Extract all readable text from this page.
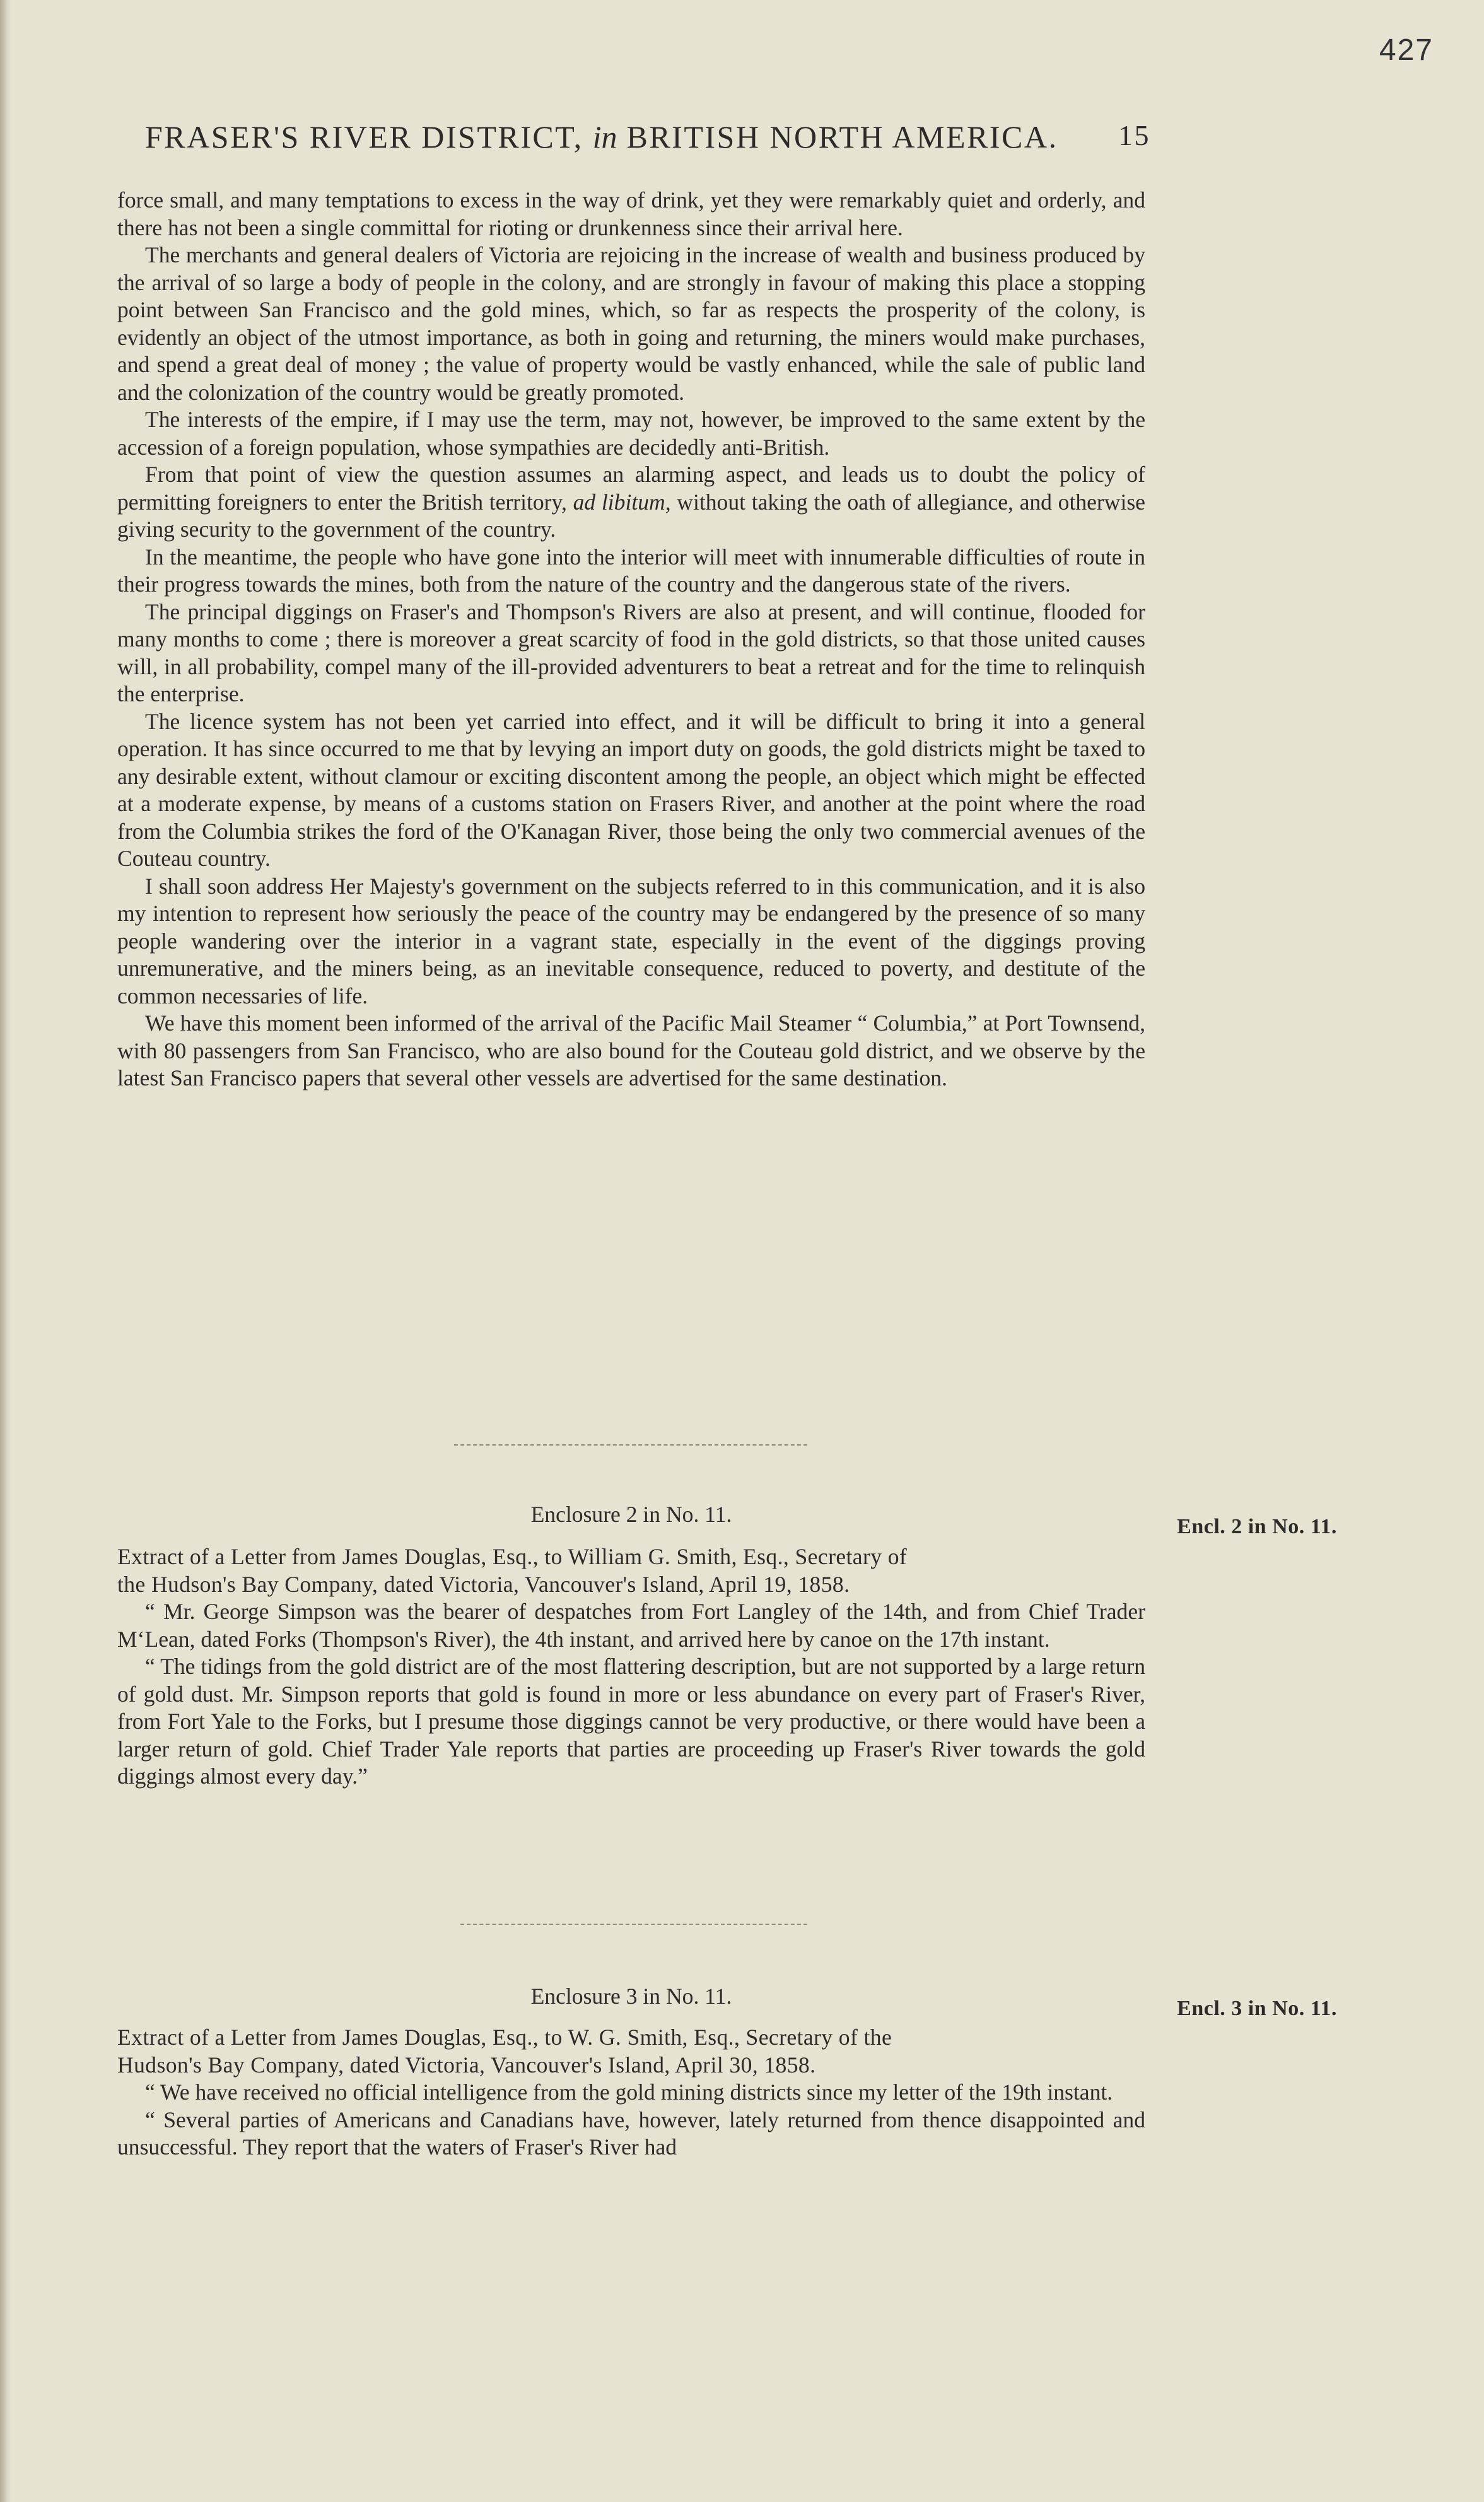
427
FRASER'S RIVER DISTRICT, in BRITISH NORTH AMERICA. 15

force small, and many temptations to excess in the way of drink, yet they were remarkably quiet and orderly, and there has not been a single committal for rioting or drunkenness since their arrival here.

The merchants and general dealers of Victoria are rejoicing in the increase of wealth and business produced by the arrival of so large a body of people in the colony, and are strongly in favour of making this place a stopping point between San Francisco and the gold mines, which, so far as respects the prosperity of the colony, is evidently an object of the utmost importance, as both in going and returning, the miners would make purchases, and spend a great deal of money ; the value of property would be vastly enhanced, while the sale of public land and the colonization of the country would be greatly promoted.

The interests of the empire, if I may use the term, may not, however, be improved to the same extent by the accession of a foreign population, whose sympathies are decidedly anti-British.

From that point of view the question assumes an alarming aspect, and leads us to doubt the policy of permitting foreigners to enter the British territory, ad libitum, without taking the oath of allegiance, and otherwise giving security to the government of the country.

In the meantime, the people who have gone into the interior will meet with innumerable difficulties of route in their progress towards the mines, both from the nature of the country and the dangerous state of the rivers.

The principal diggings on Fraser's and Thompson's Rivers are also at present, and will continue, flooded for many months to come ; there is moreover a great scarcity of food in the gold districts, so that those united causes will, in all probability, compel many of the ill-provided adventurers to beat a retreat and for the time to relinquish the enterprise.

The licence system has not been yet carried into effect, and it will be difficult to bring it into a general operation. It has since occurred to me that by levying an import duty on goods, the gold districts might be taxed to any desirable extent, without clamour or exciting discontent among the people, an object which might be effected at a moderate expense, by means of a customs station on Frasers River, and another at the point where the road from the Columbia strikes the ford of the O'Kanagan River, those being the only two commercial avenues of the Couteau country.

I shall soon address Her Majesty's government on the subjects referred to in this communication, and it is also my intention to represent how seriously the peace of the country may be endangered by the presence of so many people wandering over the interior in a vagrant state, especially in the event of the diggings proving unremunerative, and the miners being, as an inevitable consequence, reduced to poverty, and destitute of the common necessaries of life.

We have this moment been informed of the arrival of the Pacific Mail Steamer “ Columbia,” at Port Townsend, with 80 passengers from San Francisco, who are also bound for the Couteau gold district, and we observe by the latest San Francisco papers that several other vessels are advertised for the same destination.

Enclosure 2 in No. 11.	Encl. 2 in No. 11.

Extract of a Letter from James Douglas, Esq., to William G. Smith, Esq., Secretary of
the Hudson's Bay Company, dated Victoria, Vancouver's Island, April 19, 1858.

“ Mr. George Simpson was the bearer of despatches from Fort Langley of the 14th, and from Chief Trader M‘Lean, dated Forks (Thompson's River), the 4th instant, and arrived here by canoe on the 17th instant.

“ The tidings from the gold district are of the most flattering description, but are not supported by a large return of gold dust. Mr. Simpson reports that gold is found in more or less abundance on every part of Fraser's River, from Fort Yale to the Forks, but I presume those diggings cannot be very productive, or there would have been a larger return of gold. Chief Trader Yale reports that parties are proceeding up Fraser's River towards the gold diggings almost every day.”

Enclosure 3 in No. 11.	Encl. 3 in No. 11.

Extract of a Letter from James Douglas, Esq., to W. G. Smith, Esq., Secretary of the
Hudson's Bay Company, dated Victoria, Vancouver's Island, April 30, 1858.

“ We have received no official intelligence from the gold mining districts since my letter of the 19th instant.

“ Several parties of Americans and Canadians have, however, lately returned from thence disappointed and unsuccessful. They report that the waters of Fraser's River had
